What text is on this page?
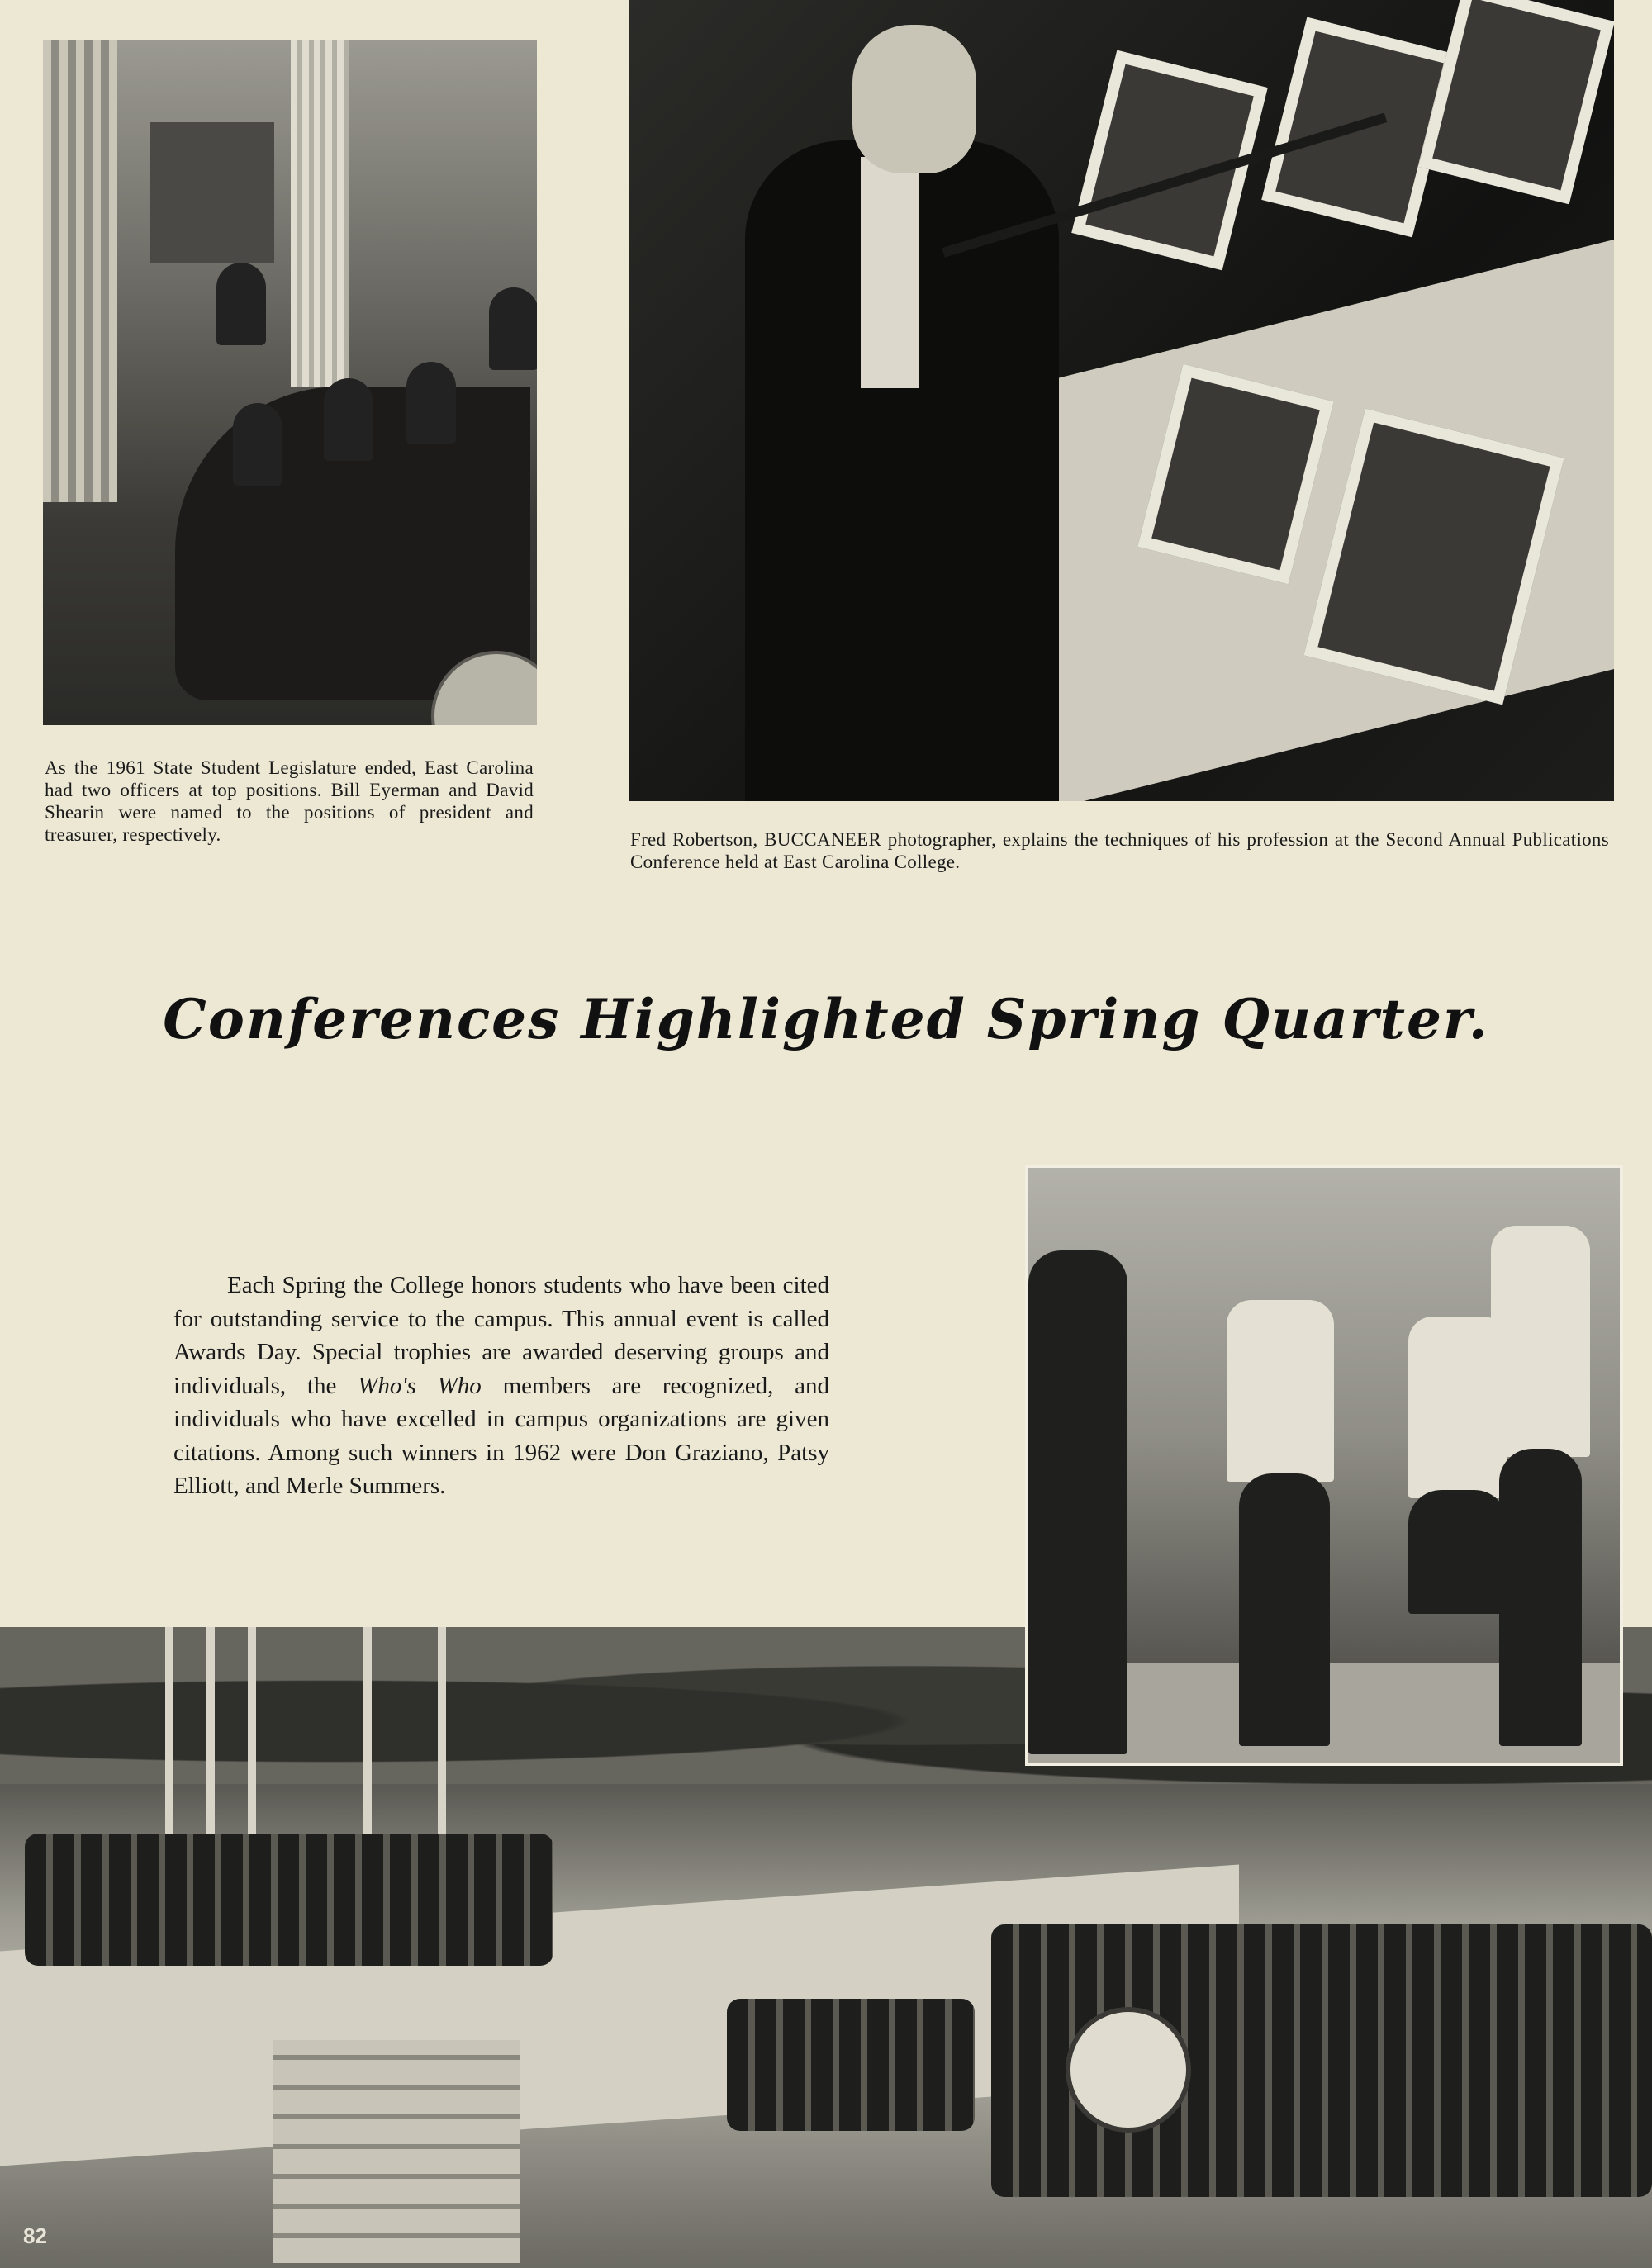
As the 1961 State Student Legislature ended, East Carolina had two officers at top positions. Bill Eyerman and David Shearin were named to the positions of president and treasurer, respectively.	Fred Robertson, BUCCANEER photographer, explains the techniques of his profession at the Second Annual Publications Conference held at East Carolina College.

Conferences Highlighted Spring Quarter.

Each Spring the College honors students who have been cited for outstanding service to the campus. This annual event is called Awards Day. Special trophies are awarded deserving groups and individuals, the Who's Who members are recognized, and individuals who have excelled in campus organizations are given citations. Among such winners in 1962 were Don Graziano, Patsy Elliott, and Merle Summers.

82
